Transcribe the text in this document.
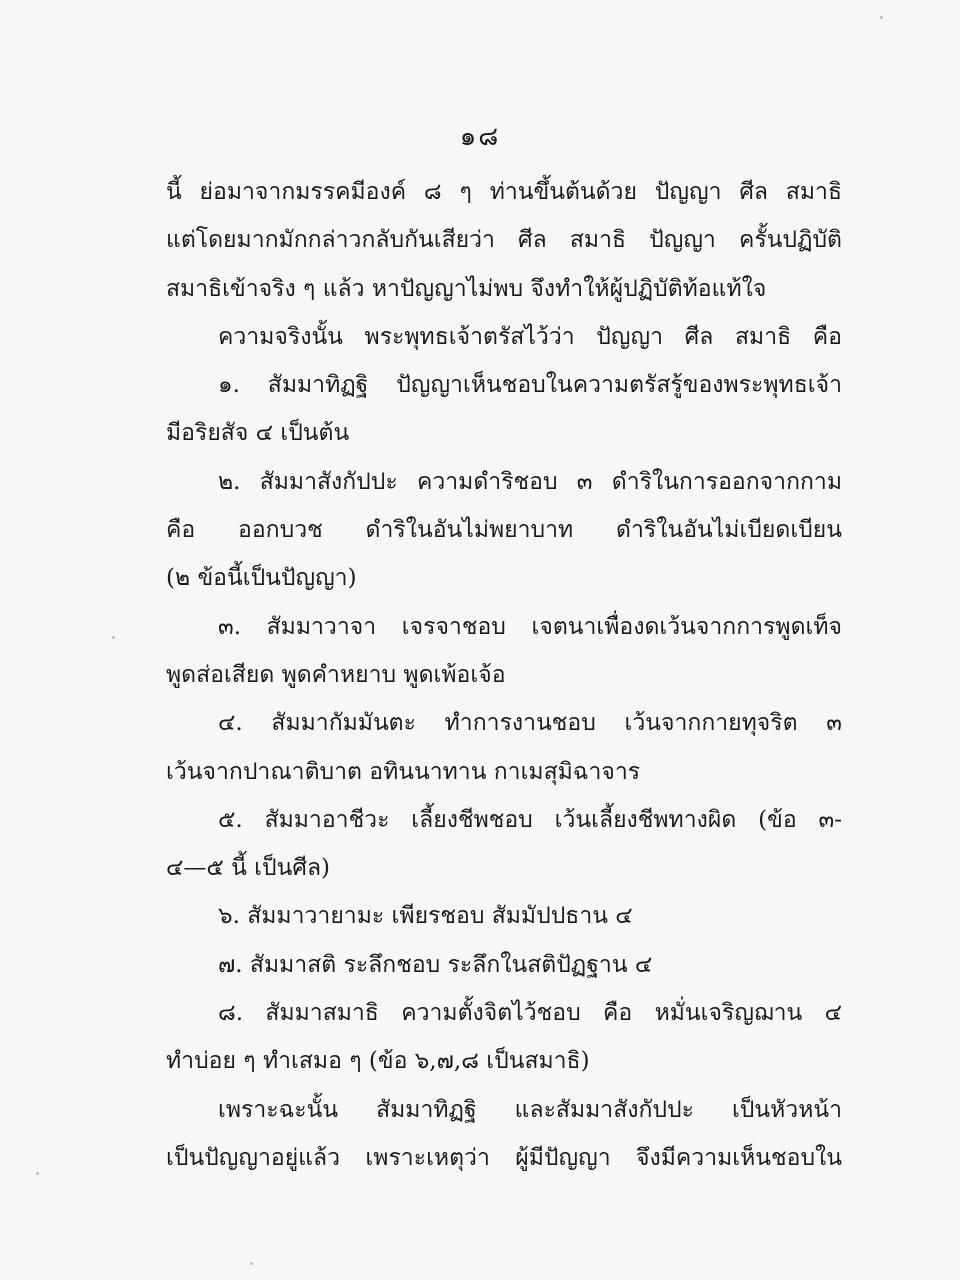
๑๘
นี้ ย่อมาจากมรรคมีองค์ ๘ ๆ ท่านขึ้นต้นด้วย ปัญญา ศีล สมาธิ
แต่โดยมากมักกล่าวกลับกันเสียว่า ศีล สมาธิ ปัญญา ครั้นปฏิบัติ
สมาธิเข้าจริง ๆ แล้ว หาปัญญาไม่พบ จึงทำให้ผู้ปฏิบัติท้อแท้ใจ
ความจริงนั้น พระพุทธเจ้าตรัสไว้ว่า ปัญญา ศีล สมาธิ คือ
๑. สัมมาทิฏฐิ ปัญญาเห็นชอบในความตรัสรู้ของพระพุทธเจ้า
มีอริยสัจ ๔ เป็นต้น
๒. สัมมาสังกัปปะ ความดำริชอบ ๓ ดำริในการออกจากกาม
คือ ออกบวช ดำริในอันไม่พยาบาท ดำริในอันไม่เบียดเบียน
(๒ ข้อนี้เป็นปัญญา)
๓. สัมมาวาจา เจรจาชอบ เจตนาเพื่องดเว้นจากการพูดเท็จ
พูดส่อเสียด พูดคำหยาบ พูดเพ้อเจ้อ
๔. สัมมากัมมันตะ ทำการงานชอบ เว้นจากกายทุจริต ๓
เว้นจากปาณาติบาต อทินนาทาน กาเมสุมิฉาจาร
๕. สัมมาอาชีวะ เลี้ยงชีพชอบ เว้นเลี้ยงชีพทางผิด (ข้อ ๓-
๔—๕ นี้ เป็นศีล)
๖. สัมมาวายามะ เพียรชอบ สัมมัปปธาน ๔
๗. สัมมาสติ ระลึกชอบ ระลึกในสติปัฏฐาน ๔
๘. สัมมาสมาธิ ความตั้งจิตไว้ชอบ คือ หมั่นเจริญฌาน ๔
ทำบ่อย ๆ ทำเสมอ ๆ (ข้อ ๖,๗,๘ เป็นสมาธิ)
เพราะฉะนั้น สัมมาทิฏฐิ และสัมมาสังกัปปะ เป็นหัวหน้า
เป็นปัญญาอยู่แล้ว เพราะเหตุว่า ผู้มีปัญญา จึงมีความเห็นชอบใน
